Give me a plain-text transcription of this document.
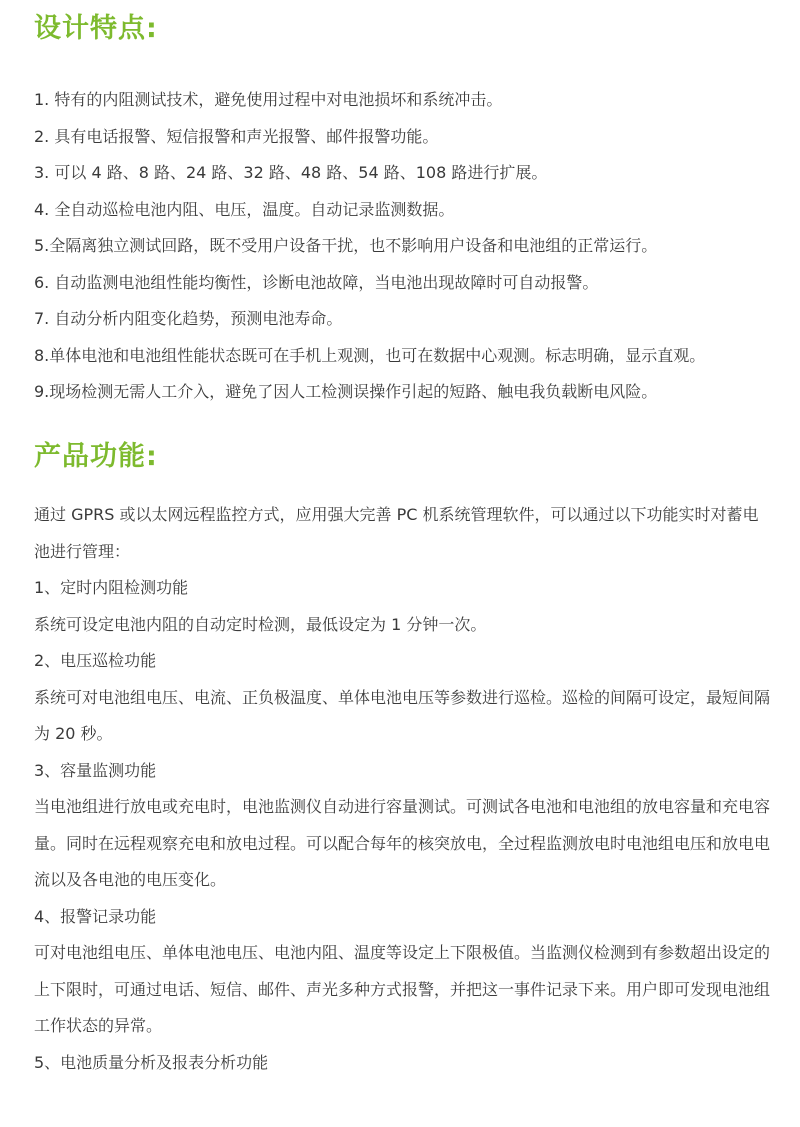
设计特点:

1. 特有的内阻测试技术，避免使用过程中对电池损坏和系统冲击。

2. 具有电话报警、短信报警和声光报警、邮件报警功能。

3. 可以 4 路、8 路、24 路、32 路、48 路、54 路、108 路进行扩展。

4. 全自动巡检电池内阻、电压，温度。自动记录监测数据。

5.全隔离独立测试回路，既不受用户设备干扰，也不影响用户设备和电池组的正常运行。

6. 自动监测电池组性能均衡性，诊断电池故障，当电池出现故障时可自动报警。

7. 自动分析内阻变化趋势，预测电池寿命。

8.单体电池和电池组性能状态既可在手机上观测，也可在数据中心观测。标志明确，显示直观。

9.现场检测无需人工介入，避免了因人工检测误操作引起的短路、触电我负载断电风险。

产品功能:

通过 GPRS 或以太网远程监控方式，应用强大完善 PC 机系统管理软件，可以通过以下功能实时对蓄电池进行管理：

1、定时内阻检测功能

系统可设定电池内阻的自动定时检测，最低设定为 1 分钟一次。

2、电压巡检功能

系统可对电池组电压、电流、正负极温度、单体电池电压等参数进行巡检。巡检的间隔可设定，最短间隔为 20 秒。

3、容量监测功能

当电池组进行放电或充电时，电池监测仪自动进行容量测试。可测试各电池和电池组的放电容量和充电容量。同时在远程观察充电和放电过程。可以配合每年的核突放电，全过程监测放电时电池组电压和放电电流以及各电池的电压变化。

4、报警记录功能

可对电池组电压、单体电池电压、电池内阻、温度等设定上下限极值。当监测仪检测到有参数超出设定的上下限时，可通过电话、短信、邮件、声光多种方式报警，并把这一事件记录下来。用户即可发现电池组工作状态的异常。

5、电池质量分析及报表分析功能
